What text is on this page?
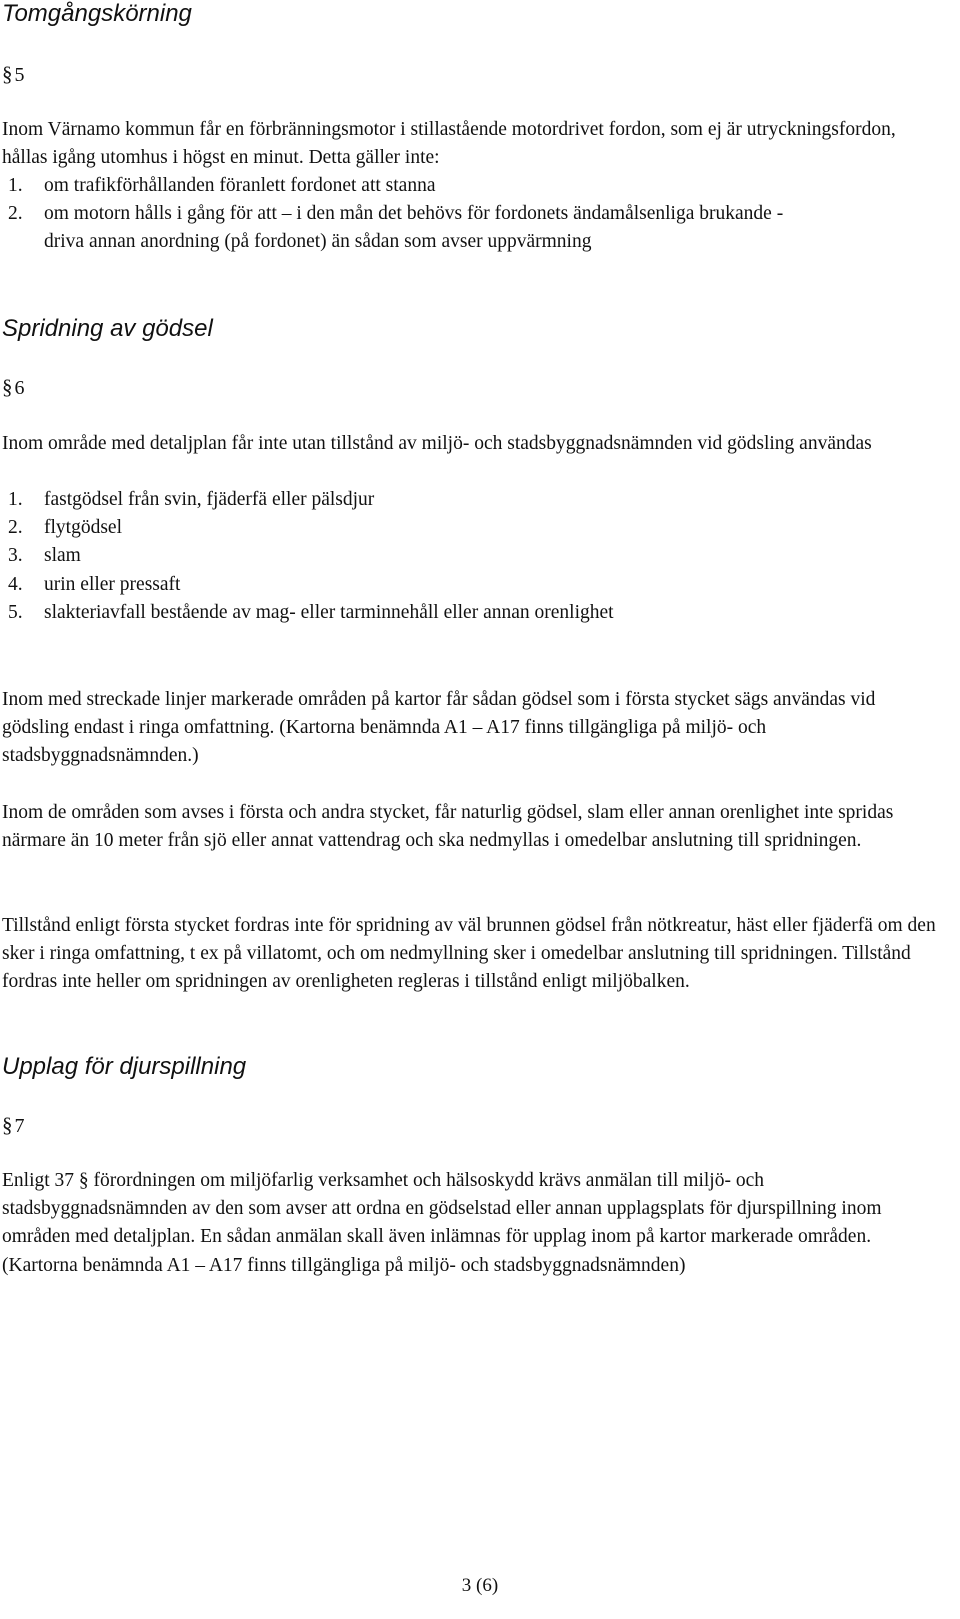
Tomgångskörning
§ 5

Inom Värnamo kommun får en förbränningsmotor i stillastående motordrivet fordon, som ej är utryckningsfordon, hållas igång utomhus i högst en minut. Detta gäller inte:

1. om trafikförhållanden föranlett fordonet att stanna
2. om motorn hålls i gång för att – i den mån det behövs för fordonets ändamålsenliga brukande - driva annan anordning (på fordonet) än sådan som avser uppvärmning
Spridning av gödsel
§ 6

Inom område med detaljplan får inte utan tillstånd av miljö- och stadsbyggnadsnämnden vid gödsling användas

1. fastgödsel från svin, fjäderfä eller pälsdjur
2. flytgödsel
3. slam
4. urin eller pressaft
5. slakteriavfall bestående av mag- eller tarminnehåll eller annan orenlighet

Inom med streckade linjer markerade områden på kartor får sådan gödsel som i första stycket sägs användas vid gödsling endast i ringa omfattning. (Kartorna benämnda A1 – A17 finns tillgängliga på miljö- och stadsbyggnadsnämnden.)

Inom de områden som avses i första och andra stycket, får naturlig gödsel, slam eller annan orenlighet inte spridas närmare än 10 meter från sjö eller annat vattendrag och ska nedmyllas i omedelbar anslutning till spridningen.

Tillstånd enligt första stycket fordras inte för spridning av väl brunnen gödsel från nötkreatur, häst eller fjäderfä om den sker i ringa omfattning, t ex på villatomt, och om nedmyllning sker i omedelbar anslutning till spridningen. Tillstånd fordras inte heller om spridningen av orenligheten regleras i tillstånd enligt miljöbalken.

Upplag för djurspillning
§ 7

Enligt 37 § förordningen om miljöfarlig verksamhet och hälsoskydd krävs anmälan till miljö- och stadsbyggnadsnämnden av den som avser att ordna en gödselstad eller annan upplagsplats för djurspillning inom områden med detaljplan. En sådan anmälan skall även inlämnas för upplag inom på kartor markerade områden. (Kartorna benämnda A1 – A17 finns tillgängliga på miljö- och stadsbyggnadsnämnden)

3 (6)
